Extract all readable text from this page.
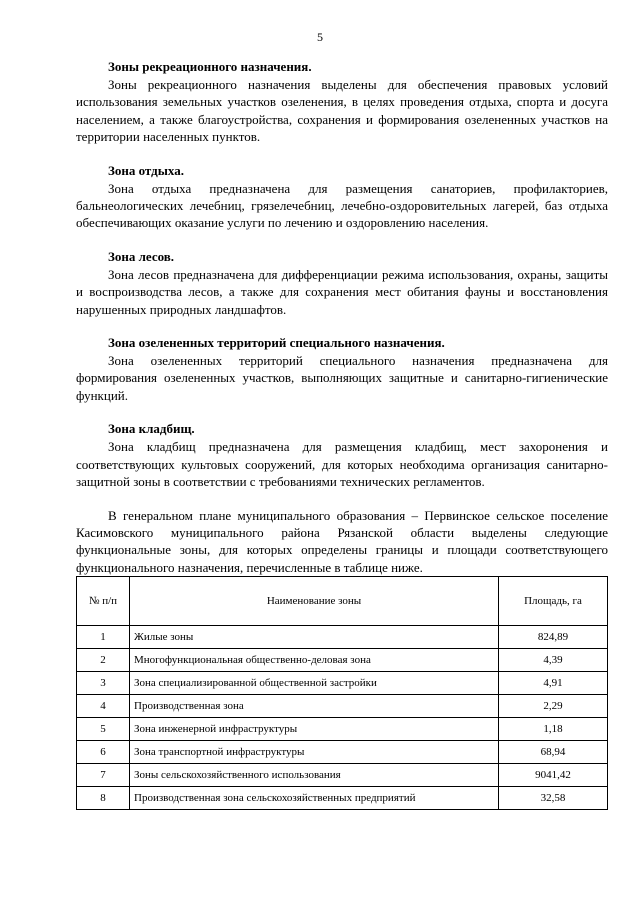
5
Зоны рекреационного назначения.
Зоны рекреационного назначения выделены для обеспечения правовых условий использования земельных участков озеленения, в целях проведения отдыха, спорта и досуга населением, а также благоустройства, сохранения и формирования озелененных участков на территории населенных пунктов.
Зона отдыха.
Зона отдыха предназначена для размещения санаториев, профилакториев, бальнеологических лечебниц, грязелечебниц, лечебно-оздоровительных лагерей, баз отдыха обеспечивающих оказание услуги по лечению и оздоровлению населения.
Зона лесов.
Зона лесов предназначена для дифференциации режима использования, охраны, защиты и воспроизводства лесов, а также для сохранения мест обитания фауны и восстановления нарушенных природных ландшафтов.
Зона озелененных территорий специального назначения.
Зона озелененных территорий специального назначения предназначена для формирования озелененных участков, выполняющих защитные и санитарно-гигиенические функций.
Зона кладбищ.
Зона кладбищ предназначена для размещения кладбищ, мест захоронения и соответствующих культовых сооружений, для которых необходима организация санитарно-защитной зоны в соответствии с требованиями технических регламентов.
В генеральном плане муниципального образования – Первинское сельское поселение Касимовского муниципального района Рязанской области выделены следующие функциональные зоны, для которых определены границы и площади соответствующего функционального назначения, перечисленные в таблице ниже.
№ п/п	Наименование зоны	Площадь, га
1	Жилые зоны	824,89
2	Многофункциональная общественно-деловая зона	4,39
3	Зона специализированной общественной застройки	4,91
4	Производственная зона	2,29
5	Зона инженерной инфраструктуры	1,18
6	Зона транспортной инфраструктуры	68,94
7	Зоны сельскохозяйственного использования	9041,42
8	Производственная зона сельскохозяйственных предприятий	32,58
